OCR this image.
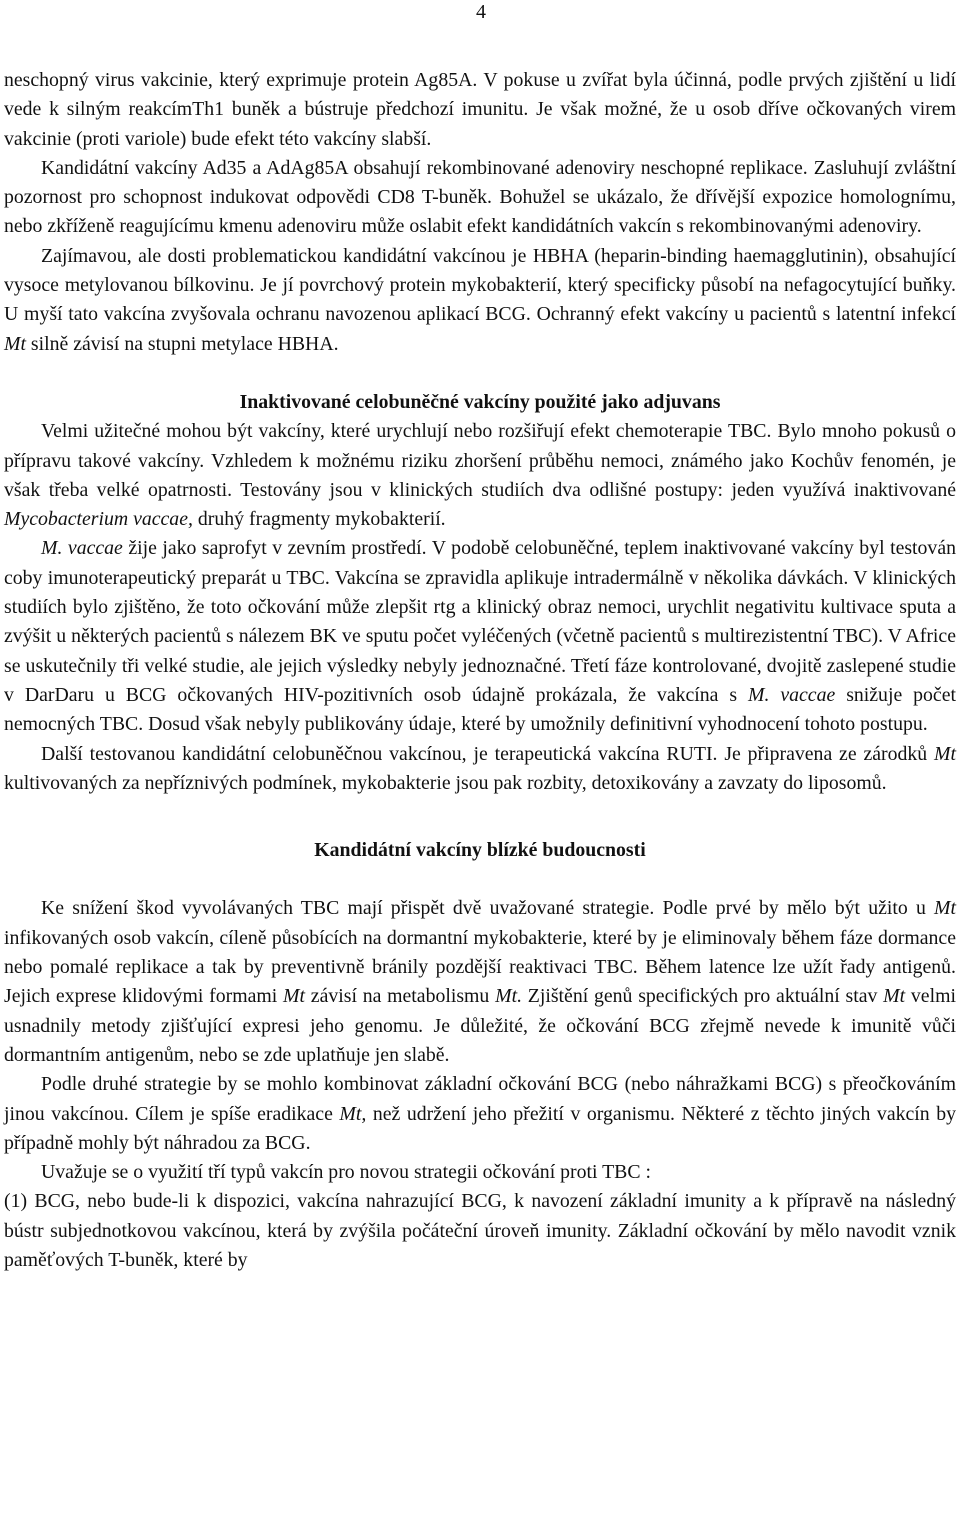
4

neschopný virus vakcinie, který exprimuje protein Ag85A. V pokuse u zvířat byla účinná, podle prvých zjištění u lidí vede k silným reakcímTh1 buněk a bústruje předchozí imunitu. Je však možné, že u osob dříve očkovaných virem vakcinie (proti variole) bude efekt této vakcíny slabší.

Kandidátní vakcíny Ad35 a AdAg85A obsahují rekombinované adenoviry neschopné replikace. Zasluhují zvláštní pozornost pro schopnost indukovat odpovědi CD8 T-buněk. Bohužel se ukázalo, že dřívější expozice homolognímu, nebo zkříženě reagujícímu kmenu adenoviru může oslabit efekt kandidátních vakcín s rekombinovanými adenoviry.

Zajímavou, ale dosti problematickou kandidátní vakcínou je HBHA (heparin-binding haemagglutinin), obsahující vysoce metylovanou bílkovinu. Je jí povrchový protein mykobakterií, který specificky působí na nefagocytující buňky. U myší tato vakcína zvyšovala ochranu navozenou aplikací BCG. Ochranný efekt vakcíny u pacientů s latentní infekcí Mt silně závisí na stupni metylace HBHA.

Inaktivované celobuněčné vakcíny použité jako adjuvans

Velmi užitečné mohou být vakcíny, které urychlují nebo rozšiřují efekt chemoterapie TBC. Bylo mnoho pokusů o přípravu takové vakcíny. Vzhledem k možnému riziku zhoršení průběhu nemoci, známého jako Kochův fenomén, je však třeba velké opatrnosti. Testovány jsou v klinických studiích dva odlišné postupy: jeden využívá inaktivované Mycobacterium vaccae, druhý fragmenty mykobakterií.

M. vaccae žije jako saprofyt v zevním prostředí. V podobě celobuněčné, teplem inaktivované vakcíny byl testován coby imunoterapeutický preparát u TBC. Vakcína se zpravidla aplikuje intradermálně v několika dávkách. V klinických studiích bylo zjištěno, že toto očkování může zlepšit rtg a klinický obraz nemoci, urychlit negativitu kultivace sputa a zvýšit u některých pacientů s nálezem BK ve sputu počet vyléčených (včetně pacientů s multirezistentní TBC). V Africe se uskutečnily tři velké studie, ale jejich výsledky nebyly jednoznačné. Třetí fáze kontrolované, dvojitě zaslepené studie v DarDaru u BCG očkovaných HIV-pozitivních osob údajně prokázala, že vakcína s M. vaccae snižuje počet nemocných TBC. Dosud však nebyly publikovány údaje, které by umožnily definitivní vyhodnocení tohoto postupu.

Další testovanou kandidátní celobuněčnou vakcínou, je terapeutická vakcína RUTI. Je připravena ze zárodků Mt kultivovaných za nepříznivých podmínek, mykobakterie jsou pak rozbity, detoxikovány a zavzaty do liposomů.

Kandidátní vakcíny blízké budoucnosti

Ke snížení škod vyvolávaných TBC mají přispět dvě uvažované strategie. Podle prvé by mělo být užito u Mt infikovaných osob vakcín, cíleně působících na dormantní mykobakterie, které by je eliminovaly během fáze dormance nebo pomalé replikace a tak by preventivně bránily pozdější reaktivaci TBC. Během latence lze užít řady antigenů. Jejich exprese klidovými formami Mt závisí na metabolismu Mt. Zjištění genů specifických pro aktuální stav Mt velmi usnadnily metody zjišťující expresi jeho genomu. Je důležité, že očkování BCG zřejmě nevede k imunitě vůči dormantním antigenům, nebo se zde uplatňuje jen slabě.

Podle druhé strategie by se mohlo kombinovat základní očkování BCG (nebo náhražkami BCG) s přeočkováním jinou vakcínou. Cílem je spíše eradikace Mt, než udržení jeho přežití v organismu. Některé z těchto jiných vakcín by případně mohly být náhradou za BCG.

Uvažuje se o využití tří typů vakcín pro novou strategii očkování proti TBC :

(1) BCG, nebo bude-li k dispozici, vakcína nahrazující BCG, k navození základní imunity a k přípravě na následný bústr subjednotkovou vakcínou, která by zvýšila počáteční úroveň imunity. Základní očkování by mělo navodit vznik paměťových T-buněk, které by
